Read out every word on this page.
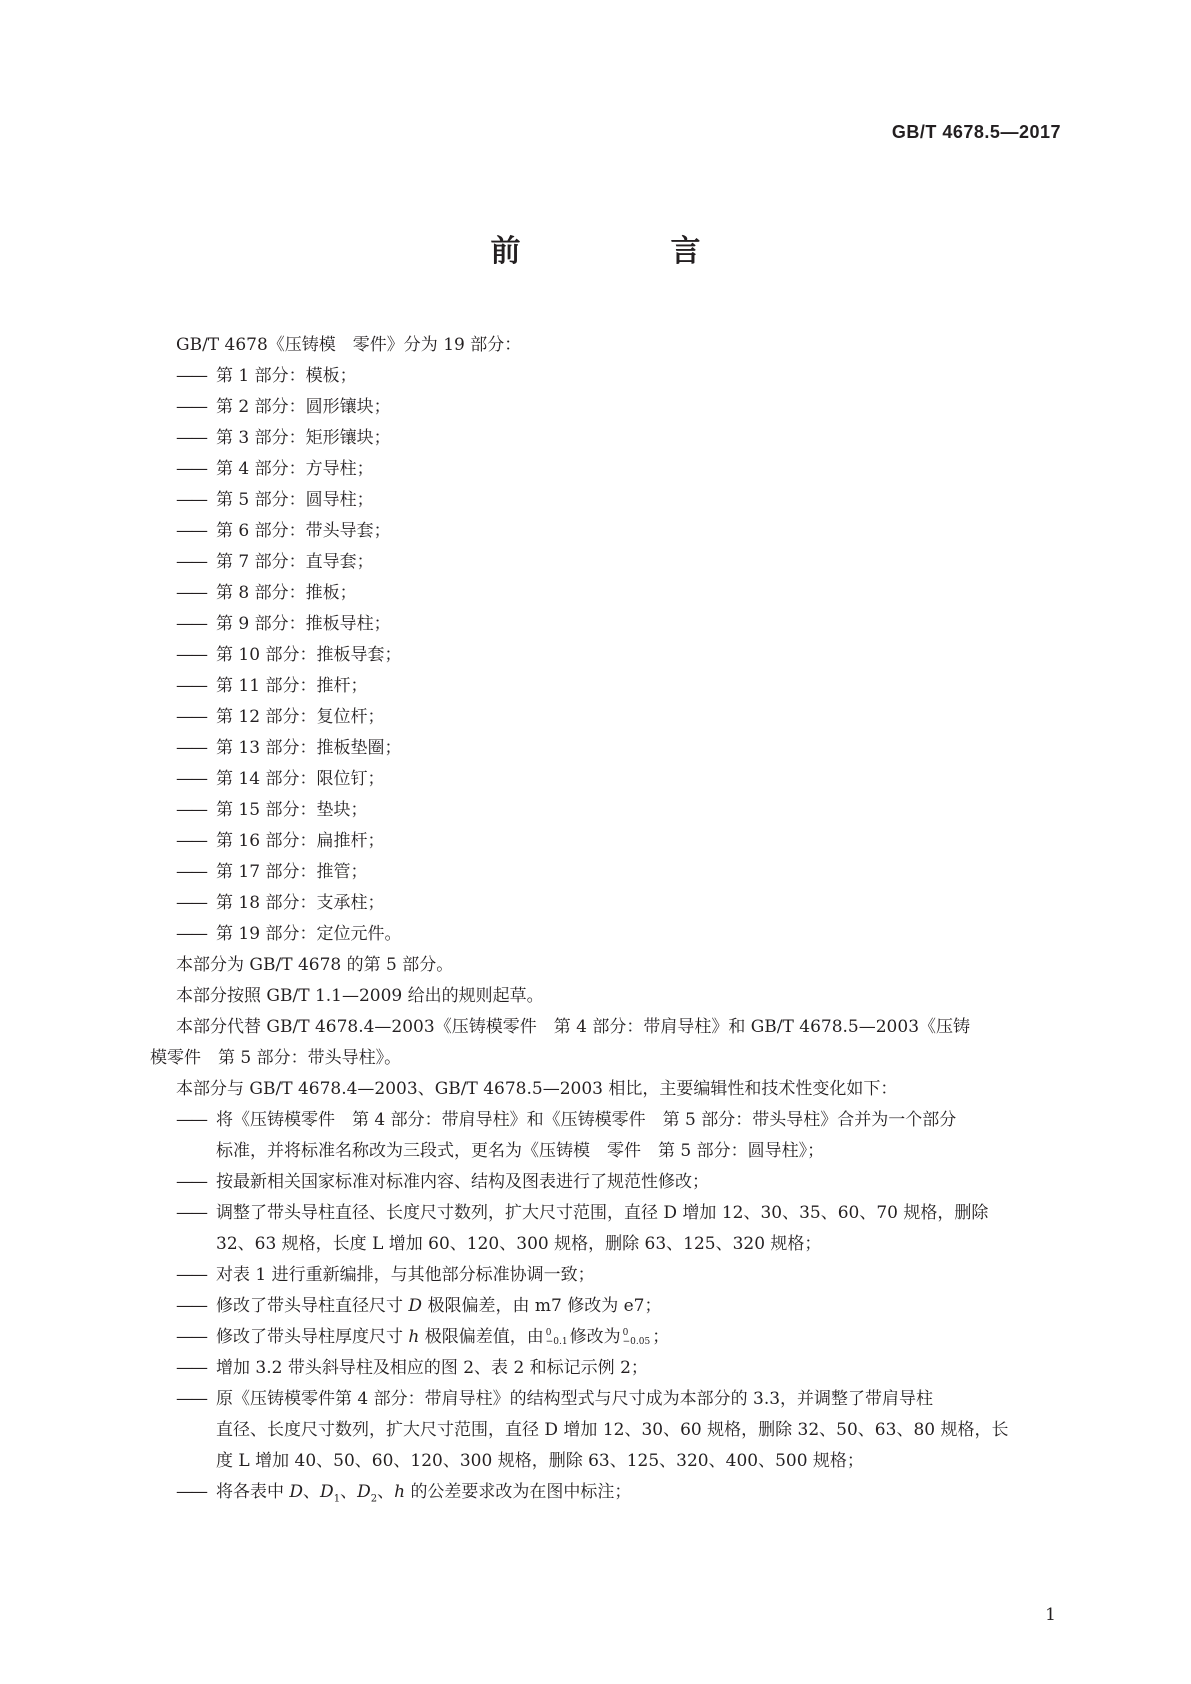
GB/T 4678.5—2017
前　言
GB/T 4678《压铸模　零件》分为 19 部分：
——第 1 部分：模板；
——第 2 部分：圆形镶块；
——第 3 部分：矩形镶块；
——第 4 部分：方导柱；
——第 5 部分：圆导柱；
——第 6 部分：带头导套；
——第 7 部分：直导套；
——第 8 部分：推板；
——第 9 部分：推板导柱；
——第 10 部分：推板导套；
——第 11 部分：推杆；
——第 12 部分：复位杆；
——第 13 部分：推板垫圈；
——第 14 部分：限位钉；
——第 15 部分：垫块；
——第 16 部分：扁推杆；
——第 17 部分：推管；
——第 18 部分：支承柱；
——第 19 部分：定位元件。
本部分为 GB/T 4678 的第 5 部分。
本部分按照 GB/T 1.1—2009 给出的规则起草。
本部分代替 GB/T 4678.4—2003《压铸模零件　第 4 部分：带肩导柱》和 GB/T 4678.5—2003《压铸
模零件　第 5 部分：带头导柱》。
本部分与 GB/T 4678.4—2003、GB/T 4678.5—2003 相比，主要编辑性和技术性变化如下：
——将《压铸模零件　第 4 部分：带肩导柱》和《压铸模零件　第 5 部分：带头导柱》合并为一个部分
标准，并将标准名称改为三段式，更名为《压铸模　零件　第 5 部分：圆导柱》；
——按最新相关国家标准对标准内容、结构及图表进行了规范性修改；
——调整了带头导柱直径、长度尺寸数列，扩大尺寸范围，直径 D 增加 12、30、35、60、70 规格，删除
32、63 规格，长度 L 增加 60、120、300 规格，删除 63、125、320 规格；
——对表 1 进行重新编排，与其他部分标准协调一致；
——修改了带头导柱直径尺寸 D 极限偏差，由 m7 修改为 e7；
——修改了带头导柱厚度尺寸 h 极限偏差值，由 0
−0.1 修改为 0
−0.05 ；
——增加 3.2 带头斜导柱及相应的图 2、表 2 和标记示例 2；
——原《压铸模零件第 4 部分：带肩导柱》的结构型式与尺寸成为本部分的 3.3，并调整了带肩导柱
直径、长度尺寸数列，扩大尺寸范围，直径 D 增加 12、30、60 规格，删除 32、50、63、80 规格，长
度 L 增加 40、50、60、120、300 规格，删除 63、125、320、400、500 规格；
——将各表中 D、$D_1$、$D_2$、h 的公差要求改为在图中标注；
1
